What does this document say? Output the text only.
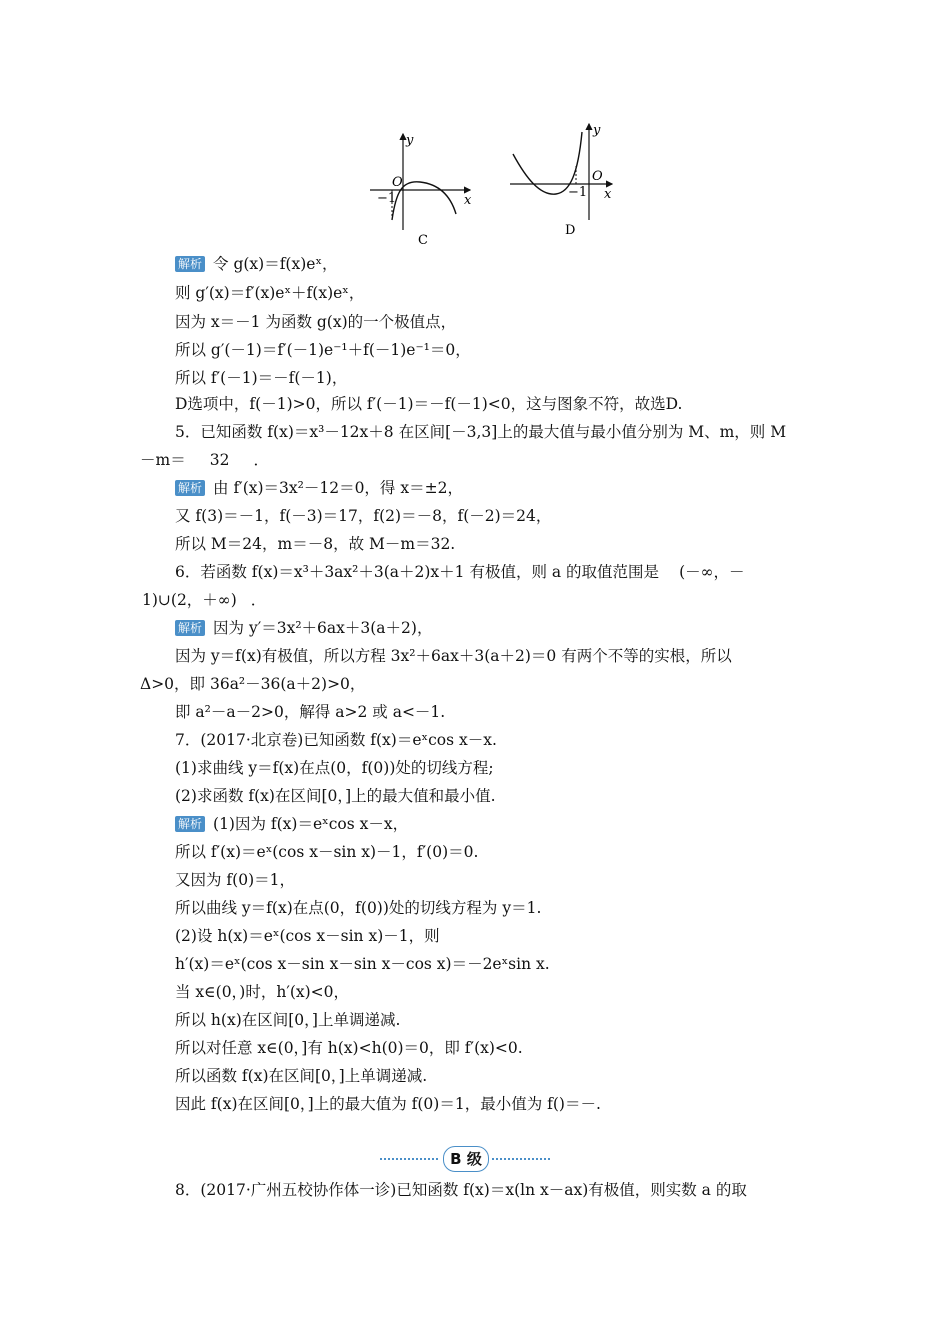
y
x
O
−1
C
y
x
O
−1
D
解析 令 g(x)＝f(x)eˣ，
则 g′(x)＝f′(x)eˣ＋f(x)eˣ，
因为 x＝－1 为函数 g(x)的一个极值点，
所以 g′(－1)＝f′(－1)e⁻¹＋f(－1)e⁻¹＝0，
所以 f′(－1)＝－f(－1)，
D选项中，f(－1)>0，所以 f′(－1)＝－f(－1)<0，这与图象不符，故选D.
5．已知函数 f(x)＝x³－12x＋8 在区间[－3,3]上的最大值与最小值分别为 M、m，则 M
－m＝ 32 ．
解析 由 f′(x)＝3x²－12＝0，得 x＝±2，
又 f(3)＝－1，f(－3)＝17，f(2)＝－8，f(－2)＝24，
所以 M＝24，m＝－8，故 M－m＝32.
6．若函数 f(x)＝x³＋3ax²＋3(a＋2)x＋1 有极值，则 a 的取值范围是 (－∞，－
1)∪(2，＋∞) ．
解析 因为 y′＝3x²＋6ax＋3(a＋2)，
因为 y＝f(x)有极值，所以方程 3x²＋6ax＋3(a＋2)＝0 有两个不等的实根，所以
Δ>0，即 36a²－36(a＋2)>0，
即 a²－a－2>0，解得 a>2 或 a<－1.
7．(2017·北京卷)已知函数 f(x)＝eˣcos x－x.
(1)求曲线 y＝f(x)在点(0，f(0))处的切线方程;
(2)求函数 f(x)在区间[0，]上的最大值和最小值.
解析 (1)因为 f(x)＝eˣcos x－x，
所以 f′(x)＝eˣ(cos x－sin x)－1，f′(0)＝0.
又因为 f(0)＝1，
所以曲线 y＝f(x)在点(0，f(0))处的切线方程为 y＝1.
(2)设 h(x)＝eˣ(cos x－sin x)－1，则
h′(x)＝eˣ(cos x－sin x－sin x－cos x)＝－2eˣsin x.
当 x∈(0，)时，h′(x)<0，
所以 h(x)在区间[0，]上单调递减.
所以对任意 x∈(0，]有 h(x)<h(0)＝0，即 f′(x)<0.
所以函数 f(x)在区间[0，]上单调递减.
因此 f(x)在区间[0，]上的最大值为 f(0)＝1，最小值为 f()＝－.
B 级
8．(2017·广州五校协作体一诊)已知函数 f(x)＝x(ln x－ax)有极值，则实数 a 的取
